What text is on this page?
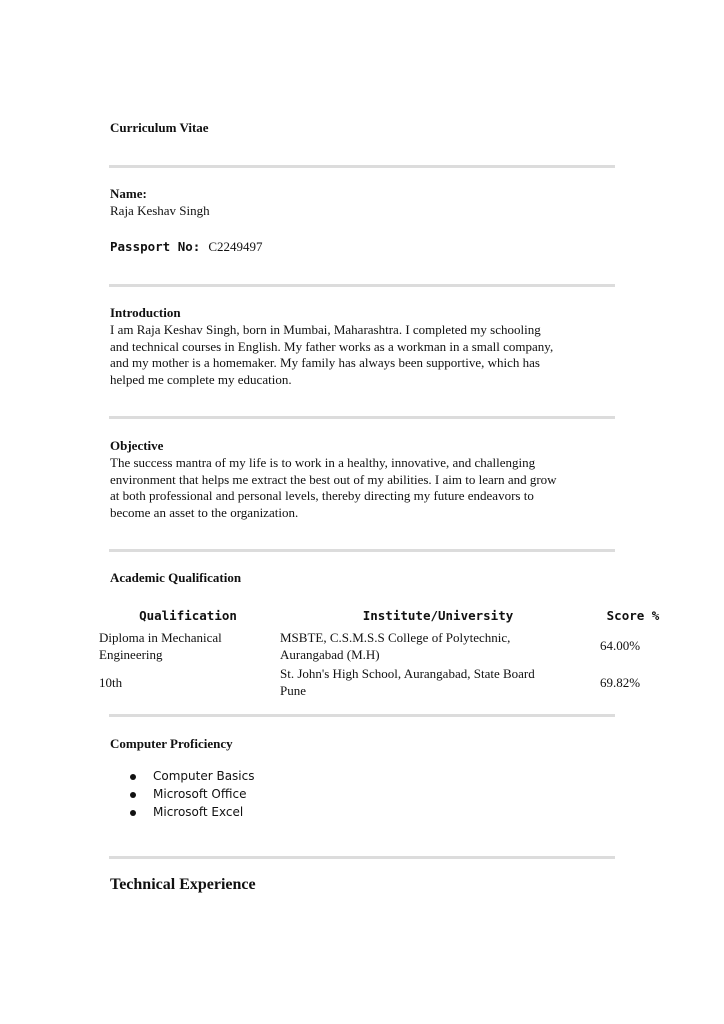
Curriculum Vitae
Name:
Raja Keshav Singh
Passport No: C2249497
Introduction
I am Raja Keshav Singh, born in Mumbai, Maharashtra. I completed my schooling
and technical courses in English. My father works as a workman in a small company,
and my mother is a homemaker. My family has always been supportive, which has
helped me complete my education.
Objective
The success mantra of my life is to work in a healthy, innovative, and challenging
environment that helps me extract the best out of my abilities. I aim to learn and grow
at both professional and personal levels, thereby directing my future endeavors to
become an asset to the organization.
Academic Qualification
Qualification	Institute/University	Score %
Diploma in Mechanical
Engineering
MSBTE, C.S.M.S.S College of Polytechnic,
Aurangabad (M.H)
64.00%
10th
St. John's High School, Aurangabad, State Board
Pune
69.82%
Computer Proficiency
Computer Basics
Microsoft Office
Microsoft Excel
Technical Experience
